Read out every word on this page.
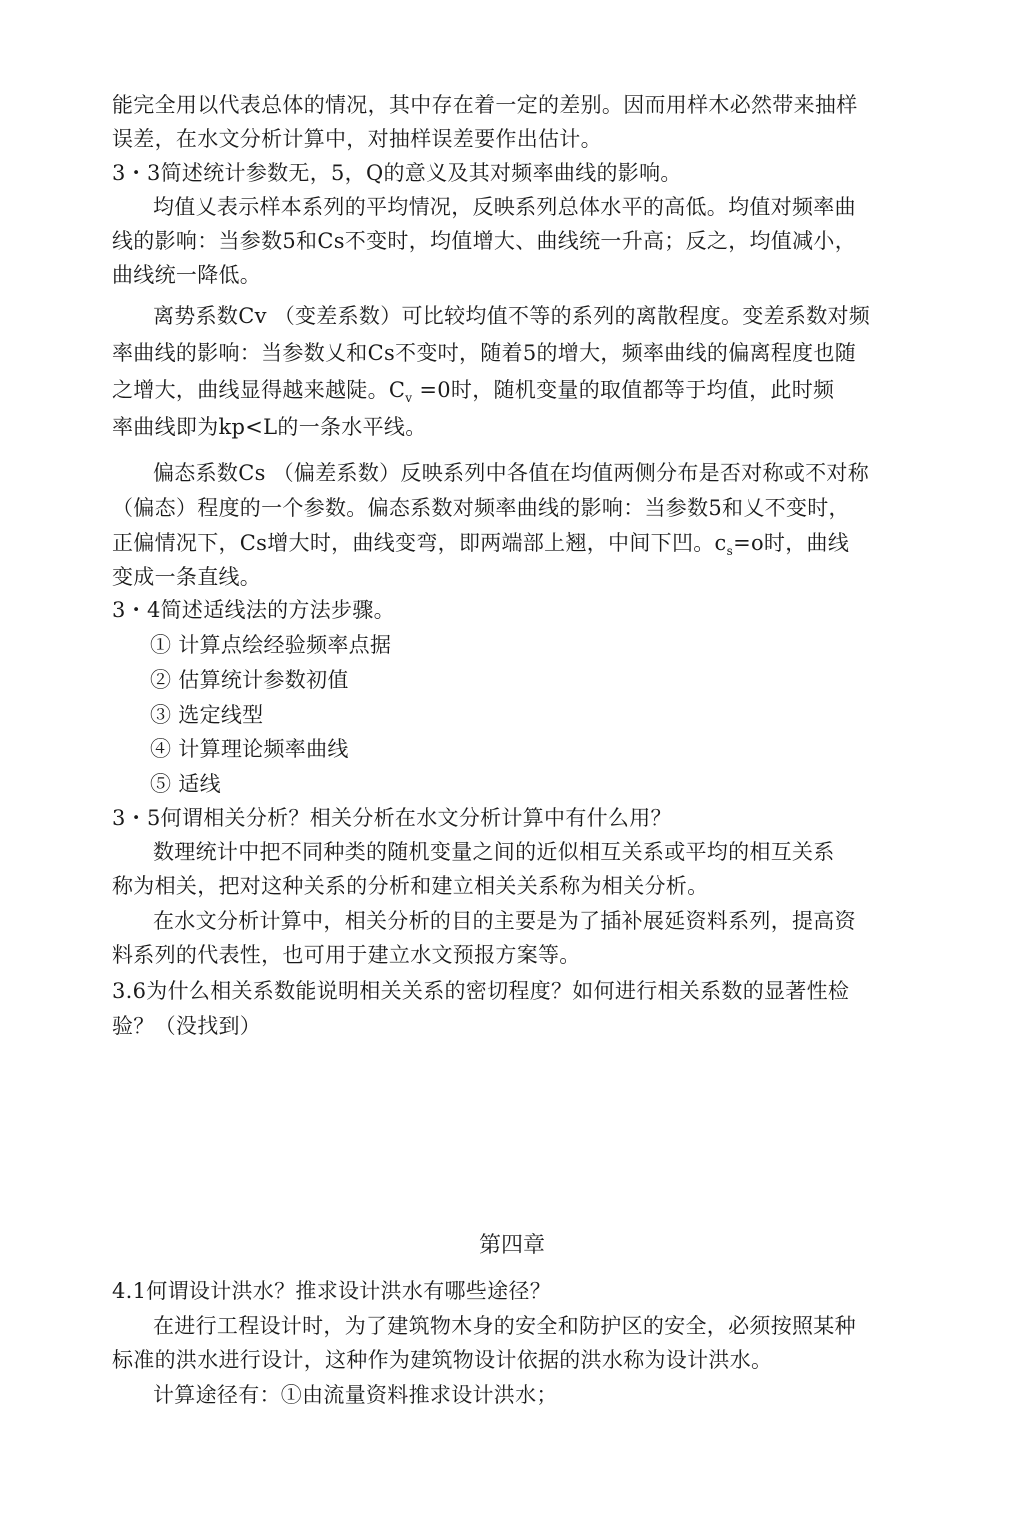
能完全用以代表总体的情况，其中存在着一定的差别。因而用样木必然带来抽样

误差，在水文分析计算中，对抽样误差要作出估计。

3・3简述统计参数无，5，Q的意义及其对频率曲线的影响。

均值乂表示样本系列的平均情况，反映系列总体水平的高低。均值对频率曲

线的影响：当参数5和Cs不变时，均值增大、曲线统一升高；反之，均值减小，

曲线统一降低。

离势系数Cv （变差系数）可比较均值不等的系列的离散程度。变差系数对频

率曲线的影响：当参数乂和Cs不变吋，随着5的增大，频率曲线的偏离程度也随

之增大，曲线显得越来越陡。$C_v =0$时，随机变量的取值都等于均值，此时频

率曲线即为kp<L的一条水平线。

偏态系数Cs （偏差系数）反映系列中各值在均值两侧分布是否对称或不对称

（偏态）程度的一个参数。偏态系数对频率曲线的影响：当参数5和乂不变时，

正偏情况下，Cs增大时，曲线变弯，即两端部上翘，中间下凹。$c_s=o$时，曲线

变成一条直线。

3・4简述适线法的方法步骤。

① 计算点绘经验频率点据

② 估算统计参数初值

③ 选定线型

④ 计算理论频率曲线

⑤ 适线

3・5何谓相关分析？相关分析在水文分析计算中有什么用？

数理统计中把不同种类的随机变量之间的近似相互关系或平均的相互关系

称为相关，把对这种关系的分析和建立相关关系称为相关分析。

在水文分析计算中，相关分析的目的主要是为了插补展延资料系列，提高资

料系列的代表性，也可用于建立水文预报方案等。

3.6为什么相关系数能说明相关关系的密切程度？如何进行相关系数的显著性检

验？（没找到）

第四章

4.1何谓设计洪水？推求设计洪水有哪些途径？

在进行工程设计时，为了建筑物木身的安全和防护区的安全，必须按照某种

标准的洪水进行设计，这种作为建筑物设计依据的洪水称为设计洪水。

计算途径有：①由流量资料推求设计洪水；
